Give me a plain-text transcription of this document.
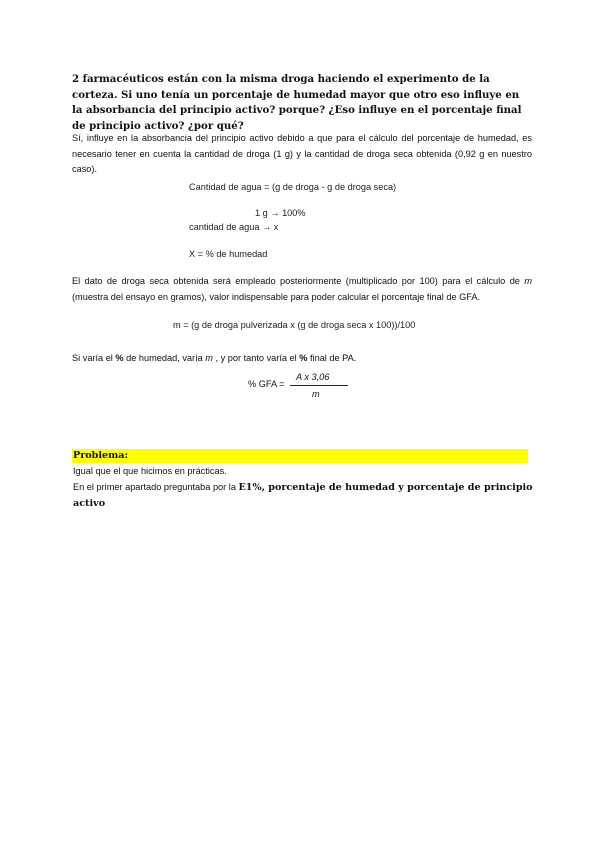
2 farmacéuticos están con la misma droga haciendo el experimento de la corteza. Si uno tenía un porcentaje de humedad mayor que otro eso influye en la absorbancia del principio activo? porque? ¿Eso influye en el porcentaje final de principio activo? ¿por qué?
Sí, influye en la absorbancia del principio activo debido a que para el cálculo del porcentaje de humedad, es necesario tener en cuenta la cantidad de droga (1 g) y la cantidad de droga seca obtenida (0,92 g en nuestro caso).
Cantidad de agua = (g de droga - g de droga seca)
1 g → 100%
cantidad de agua → x
X = % de humedad
El dato de droga seca obtenida será empleado posteriormente (multiplicado por 100) para el cálculo de m (muestra del ensayo en gramos), valor indispensable para poder calcular el porcentaje final de GFA.
m = (g de droga pulverizada x (g de droga seca x 100))/100
Si varía el % de humedad, varía m , y por tanto varía el % final de PA.
% GFA =
A x 3,06
m
Problema:
Igual que el que hicimos en prácticas.
En el primer apartado preguntaba por la E1%, porcentaje de humedad y porcentaje de principio activo
